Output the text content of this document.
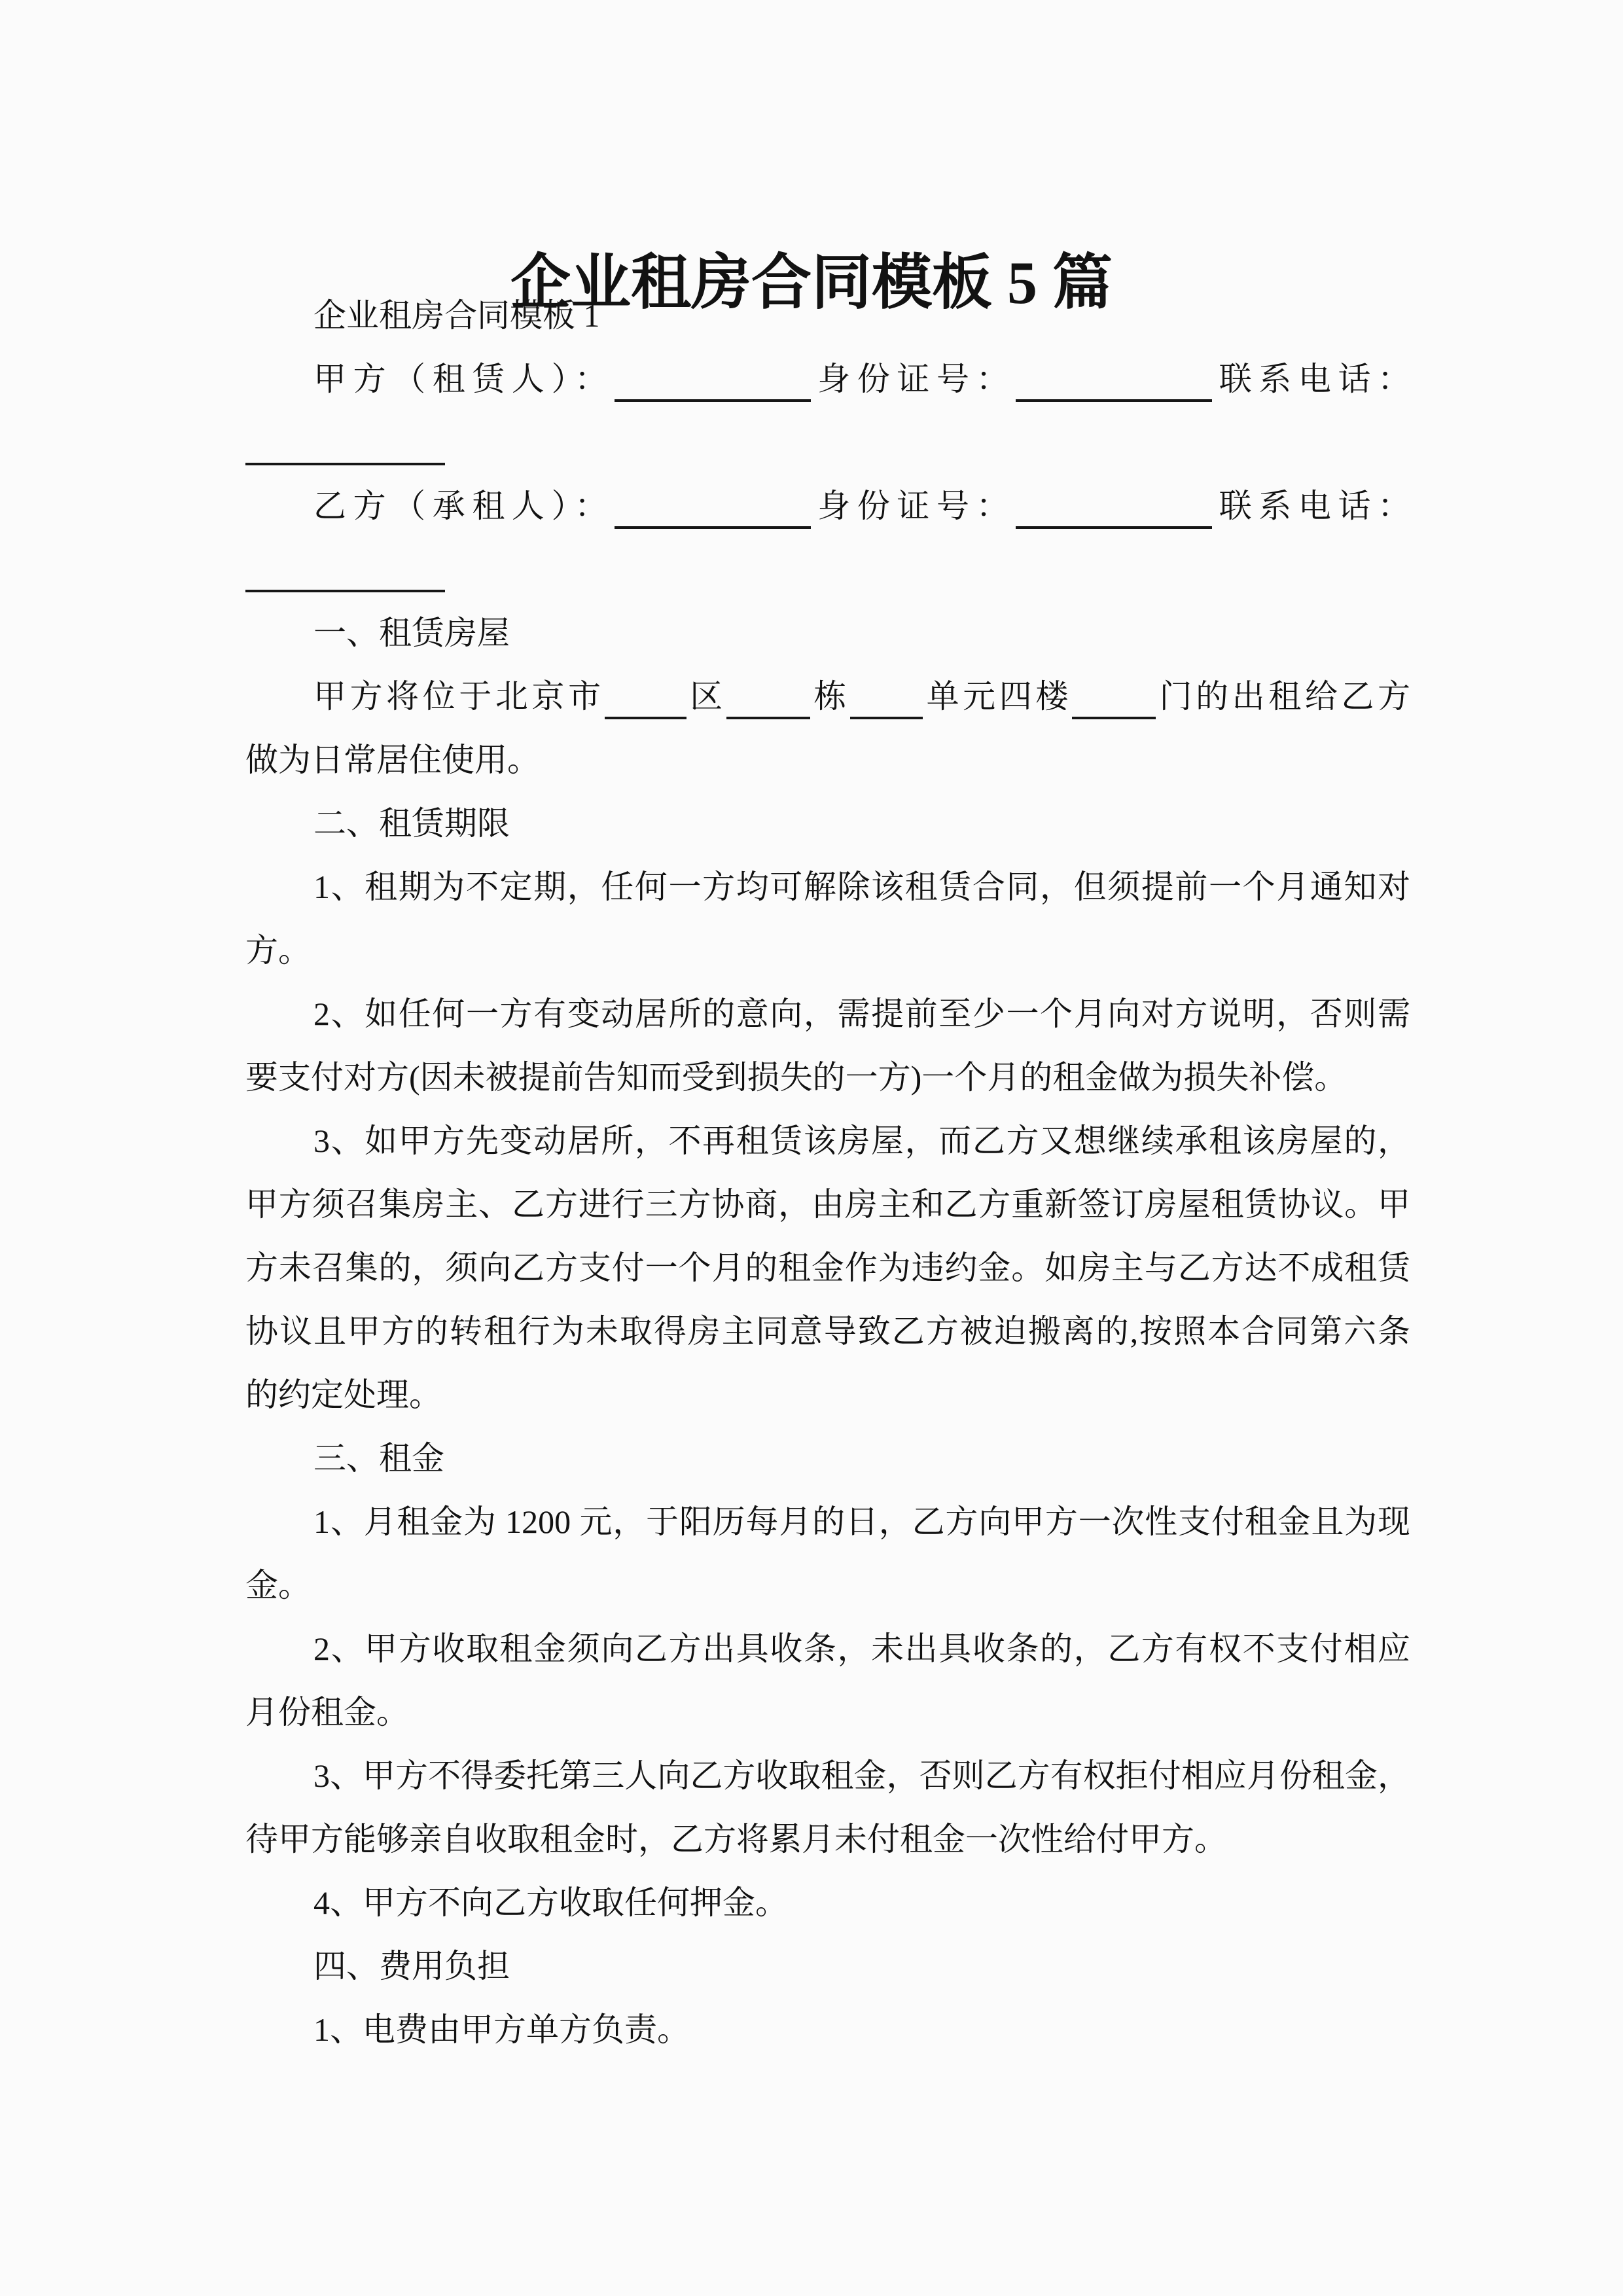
企业租房合同模板 5 篇
企业租房合同模板 1
甲方（租赁人）：	身份证号：	联系电话：
乙方（承租人）：	身份证号：	联系电话：
一、租赁房屋
甲方将位于北京市	区	栋 单元四楼	门的出租给乙方
做为日常居住使用。
二、租赁期限
1、租期为不定期，任何一方均可解除该租赁合同，但须提前一个月通知对
方。
2、如任何一方有变动居所的意向，需提前至少一个月向对方说明，否则需
要支付对方(因未被提前告知而受到损失的一方)一个月的租金做为损失补偿。
3、如甲方先变动居所，不再租赁该房屋，而乙方又想继续承租该房屋的，
甲方须召集房主、乙方进行三方协商，由房主和乙方重新签订房屋租赁协议。甲
方未召集的，须向乙方支付一个月的租金作为违约金。如房主与乙方达不成租赁
协议且甲方的转租行为未取得房主同意导致乙方被迫搬离的,按照本合同第六条
的约定处理。
三、租金
1、月租金为 1200 元，于阳历每月的日，乙方向甲方一次性支付租金且为现
金。
2、甲方收取租金须向乙方出具收条，未出具收条的，乙方有权不支付相应
月份租金。
3、甲方不得委托第三人向乙方收取租金，否则乙方有权拒付相应月份租金，
待甲方能够亲自收取租金时，乙方将累月未付租金一次性给付甲方。
4、甲方不向乙方收取任何押金。
四、费用负担
1、电费由甲方单方负责。
